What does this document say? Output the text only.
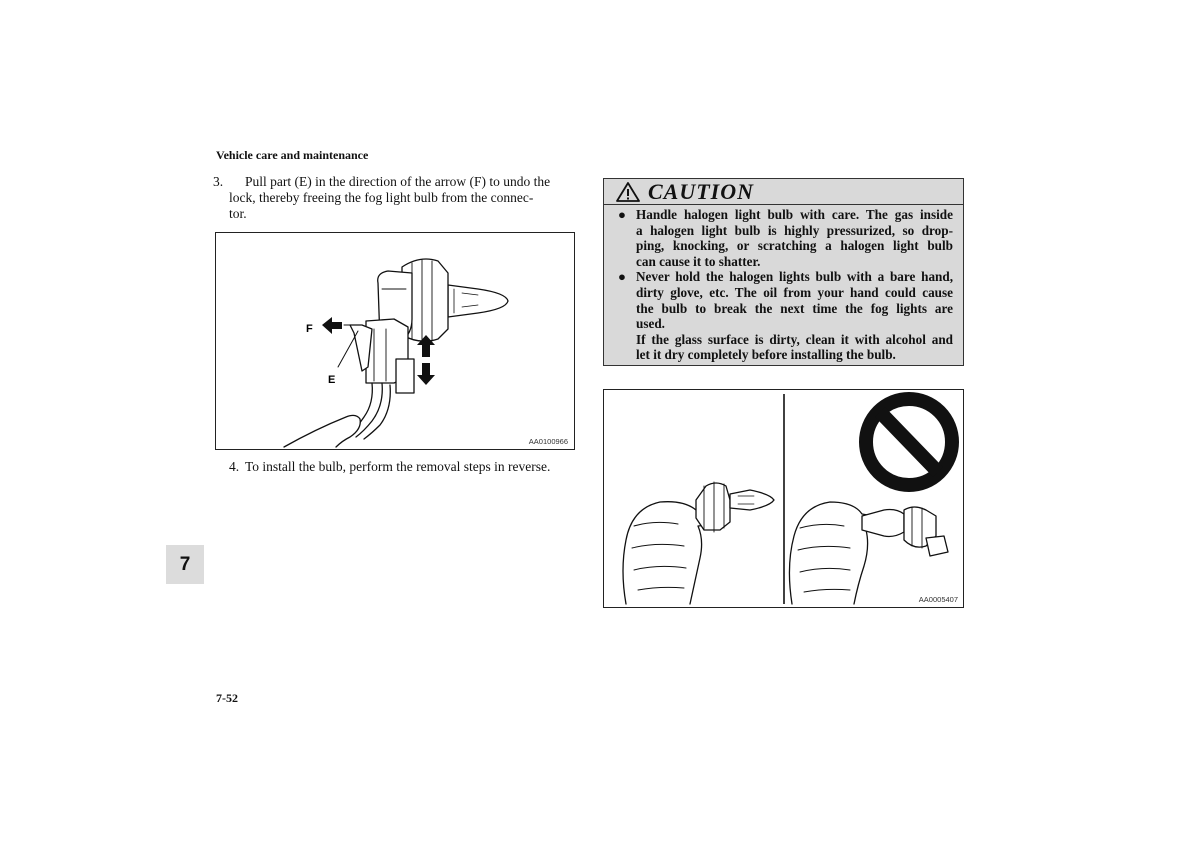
Vehicle care and maintenance
3. Pull part (E) in the direction of the arrow (F) to undo the
lock, thereby freeing the fog light bulb from the connec-
tor.
F
E
AA0100966
4. To install the bulb, perform the removal steps in reverse.
CAUTION
● Handle halogen light bulb with care. The gas inside
a halogen light bulb is highly pressurized, so drop-
ping, knocking, or scratching a halogen light bulb
can cause it to shatter.
● Never hold the halogen lights bulb with a bare hand,
dirty glove, etc. The oil from your hand could cause
the bulb to break the next time the fog lights are
used.
If the glass surface is dirty, clean it with alcohol and
let it dry completely before installing the bulb.
AA0005407
7
7-52
